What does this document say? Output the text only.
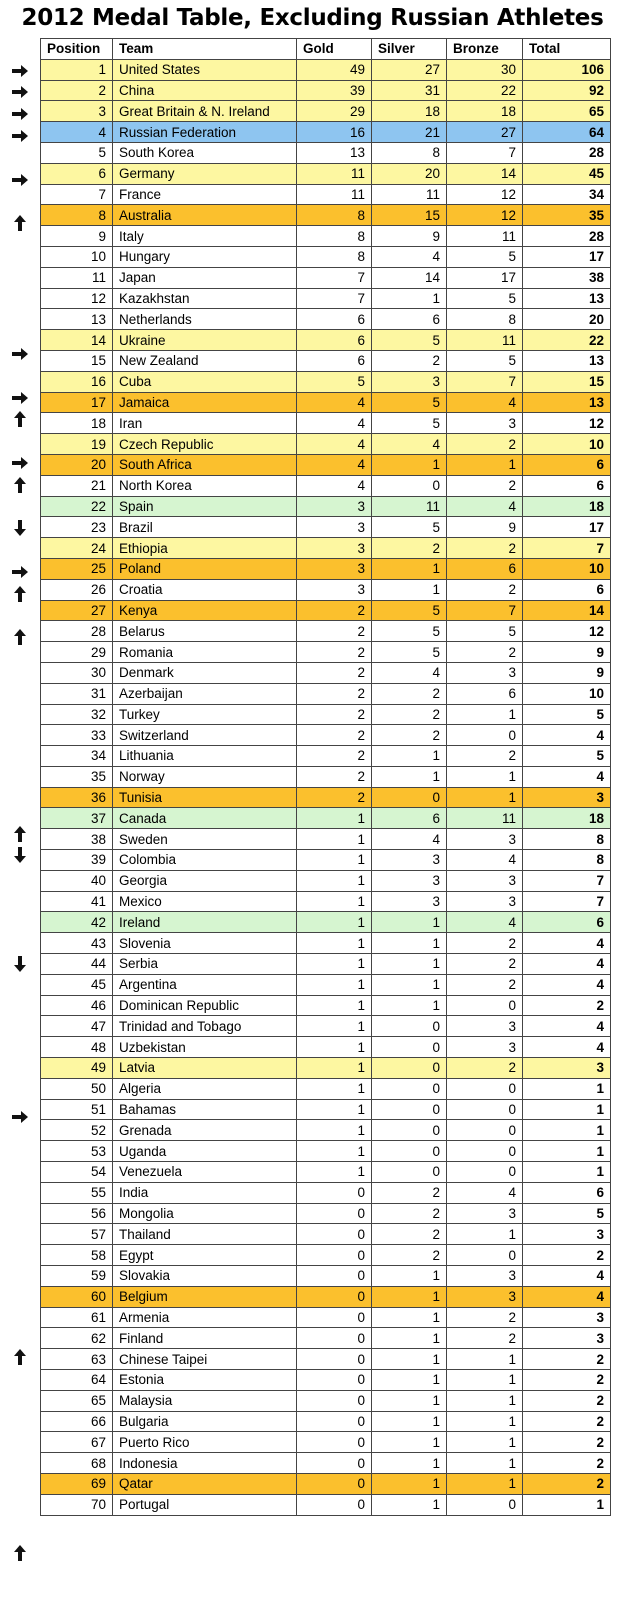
2012 Medal Table, Excluding Russian Athletes
Position	Team	Gold	Silver	Bronze	Total
1	United States	49	27	30	106
2	China	39	31	22	92
3	Great Britain & N. Ireland	29	18	18	65
4	Russian Federation	16	21	27	64
5	South Korea	13	8	7	28
6	Germany	11	20	14	45
7	France	11	11	12	34
8	Australia	8	15	12	35
9	Italy	8	9	11	28
10	Hungary	8	4	5	17
11	Japan	7	14	17	38
12	Kazakhstan	7	1	5	13
13	Netherlands	6	6	8	20
14	Ukraine	6	5	11	22
15	New Zealand	6	2	5	13
16	Cuba	5	3	7	15
17	Jamaica	4	5	4	13
18	Iran	4	5	3	12
19	Czech Republic	4	4	2	10
20	South Africa	4	1	1	6
21	North Korea	4	0	2	6
22	Spain	3	11	4	18
23	Brazil	3	5	9	17
24	Ethiopia	3	2	2	7
25	Poland	3	1	6	10
26	Croatia	3	1	2	6
27	Kenya	2	5	7	14
28	Belarus	2	5	5	12
29	Romania	2	5	2	9
30	Denmark	2	4	3	9
31	Azerbaijan	2	2	6	10
32	Turkey	2	2	1	5
33	Switzerland	2	2	0	4
34	Lithuania	2	1	2	5
35	Norway	2	1	1	4
36	Tunisia	2	0	1	3
37	Canada	1	6	11	18
38	Sweden	1	4	3	8
39	Colombia	1	3	4	8
40	Georgia	1	3	3	7
41	Mexico	1	3	3	7
42	Ireland	1	1	4	6
43	Slovenia	1	1	2	4
44	Serbia	1	1	2	4
45	Argentina	1	1	2	4
46	Dominican Republic	1	1	0	2
47	Trinidad and Tobago	1	0	3	4
48	Uzbekistan	1	0	3	4
49	Latvia	1	0	2	3
50	Algeria	1	0	0	1
51	Bahamas	1	0	0	1
52	Grenada	1	0	0	1
53	Uganda	1	0	0	1
54	Venezuela	1	0	0	1
55	India	0	2	4	6
56	Mongolia	0	2	3	5
57	Thailand	0	2	1	3
58	Egypt	0	2	0	2
59	Slovakia	0	1	3	4
60	Belgium	0	1	3	4
61	Armenia	0	1	2	3
62	Finland	0	1	2	3
63	Chinese Taipei	0	1	1	2
64	Estonia	0	1	1	2
65	Malaysia	0	1	1	2
66	Bulgaria	0	1	1	2
67	Puerto Rico	0	1	1	2
68	Indonesia	0	1	1	2
69	Qatar	0	1	1	2
70	Portugal	0	1	0	1
